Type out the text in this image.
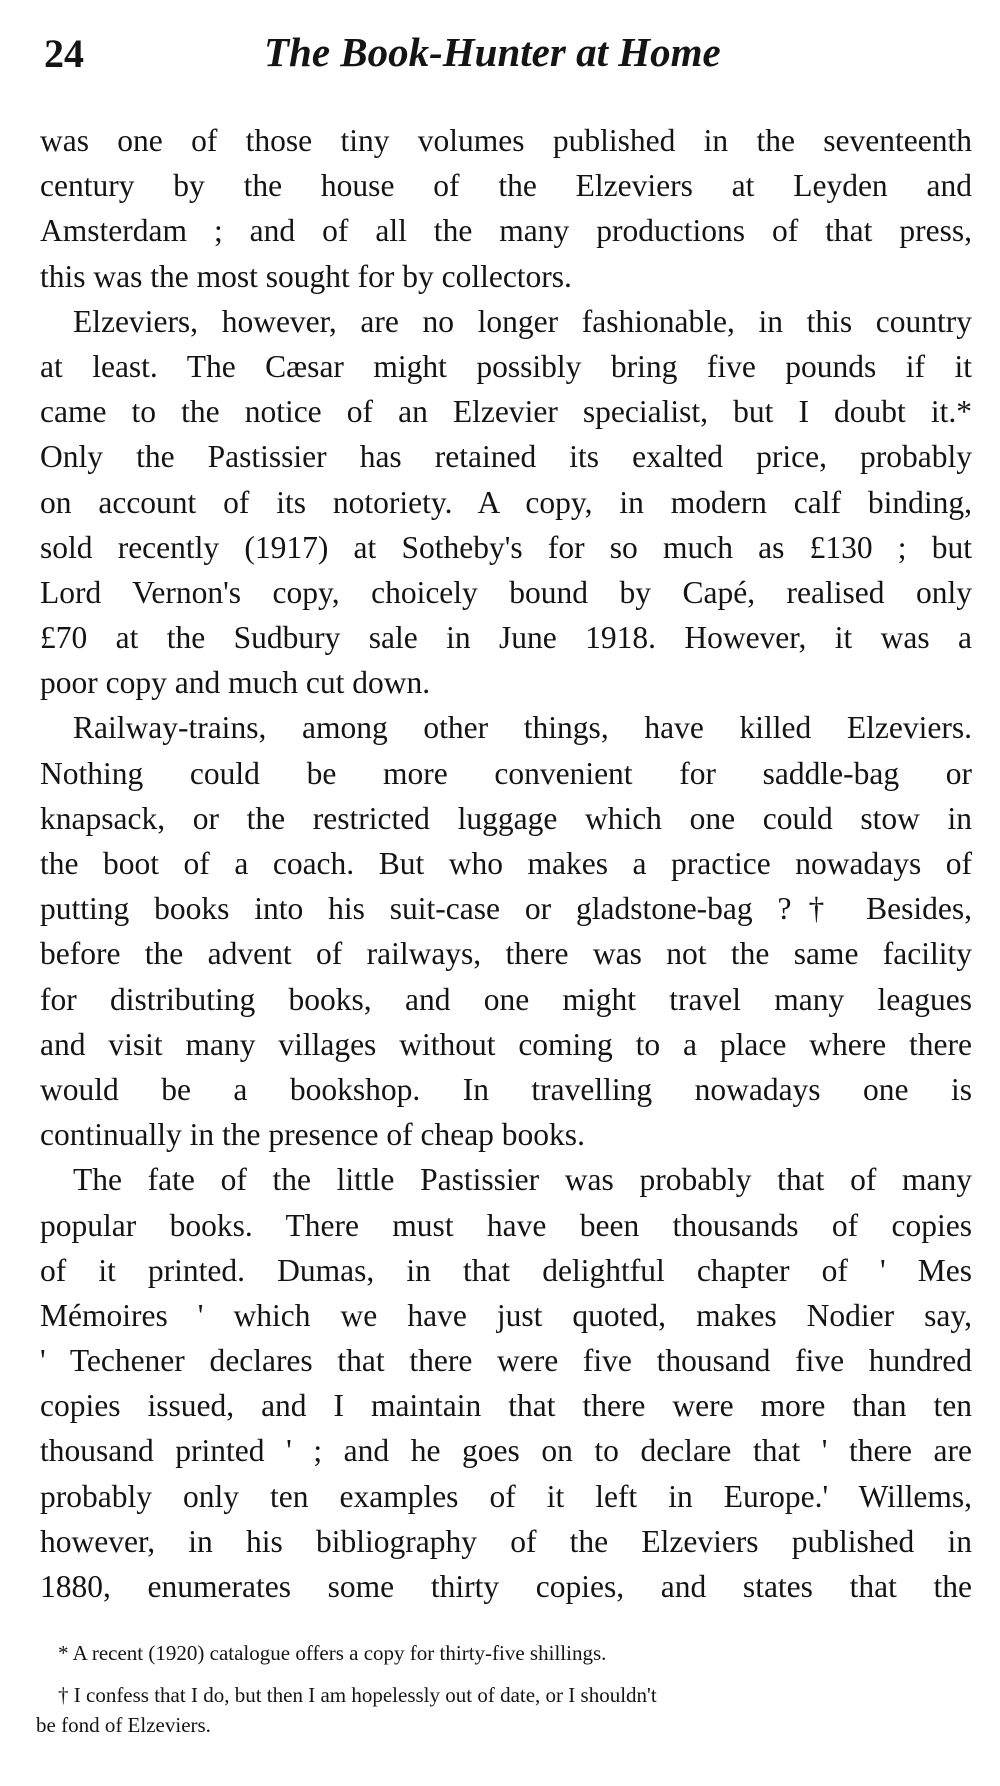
24	The Book-Hunter at Home
was one of those tiny volumes published in the seventeenth
century by the house of the Elzeviers at Leyden and
Amsterdam ; and of all the many productions of that press,
this was the most sought for by collectors.
Elzeviers, however, are no longer fashionable, in this country
at least. The Cæsar might possibly bring five pounds if it
came to the notice of an Elzevier specialist, but I doubt it.*
Only the Pastissier has retained its exalted price, probably
on account of its notoriety. A copy, in modern calf binding,
sold recently (1917) at Sotheby's for so much as £130 ; but
Lord Vernon's copy, choicely bound by Capé, realised only
£70 at the Sudbury sale in June 1918. However, it was a
poor copy and much cut down.
Railway-trains, among other things, have killed Elzeviers.
Nothing could be more convenient for saddle-bag or
knapsack, or the restricted luggage which one could stow in
the boot of a coach. But who makes a practice nowadays of
putting books into his suit-case or gladstone-bag ?† Besides,
before the advent of railways, there was not the same facility
for distributing books, and one might travel many leagues
and visit many villages without coming to a place where there
would be a bookshop. In travelling nowadays one is
continually in the presence of cheap books.
The fate of the little Pastissier was probably that of many
popular books. There must have been thousands of copies
of it printed. Dumas, in that delightful chapter of ' Mes
Mémoires ' which we have just quoted, makes Nodier say,
' Techener declares that there were five thousand five hundred
copies issued, and I maintain that there were more than ten
thousand printed ' ; and he goes on to declare that ' there are
probably only ten examples of it left in Europe.' Willems,
however, in his bibliography of the Elzeviers published in
1880, enumerates some thirty copies, and states that the
* A recent (1920) catalogue offers a copy for thirty-five shillings.
† I confess that I do, but then I am hopelessly out of date, or I shouldn't
be fond of Elzeviers.
